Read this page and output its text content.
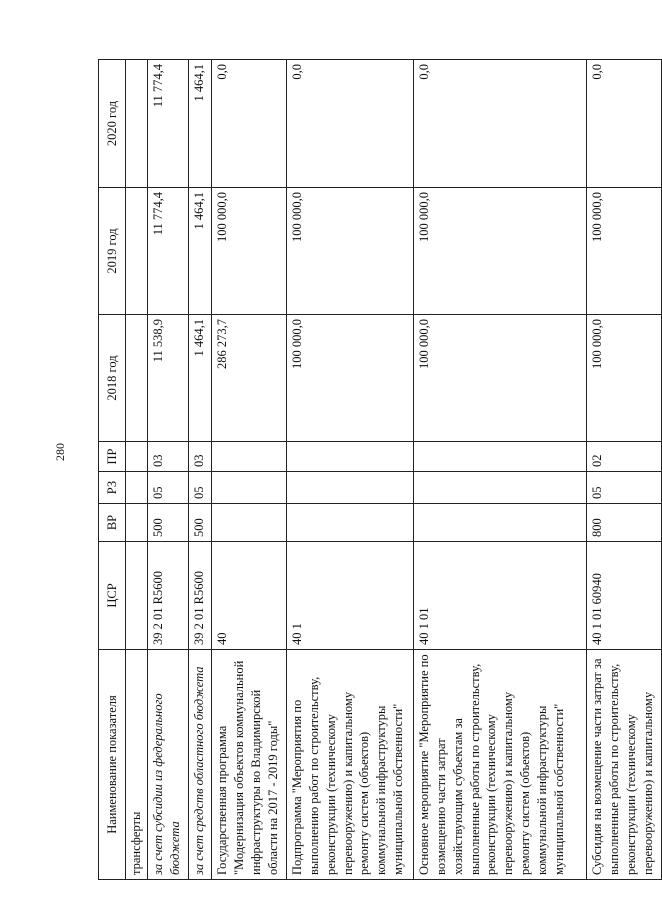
280
Наименование показателя	ЦСР	ВР	РЗ	ПР	2018 год	2019 год	2020 год
трансферты							
за счет субсидии из федерального бюджета	39 2 01 R5600	500	05	03	11 538,9	11 774,4	11 774,4
за счет средств областного бюджета	39 2 01 R5600	500	05	03	1 464,1	1 464,1	1 464,1
Государственная программа "Модернизация объектов коммунальной инфраструктуры во Владимирской области на 2017 - 2019 годы"	40				286 273,7	100 000,0	0,0
Подпрограмма "Мероприятия по выполнению работ по строительству, реконструкции (техническому перевооружению) и капитальному ремонту систем (объектов) коммунальной инфраструктуры муниципальной собственности"	40 1				100 000,0	100 000,0	0,0
Основное мероприятие "Мероприятие по возмещению части затрат хозяйствующим субъектам за выполненные работы по строительству, реконструкции (техническому перевооружению) и капитальному ремонту систем (объектов) коммунальной инфраструктуры муниципальной собственности"	40 1 01				100 000,0	100 000,0	0,0
Субсидия на возмещение части затрат за выполненные работы по строительству, реконструкции (техническому перевооружению) и капитальному	40 1 01 60940	800	05	02	100 000,0	100 000,0	0,0
